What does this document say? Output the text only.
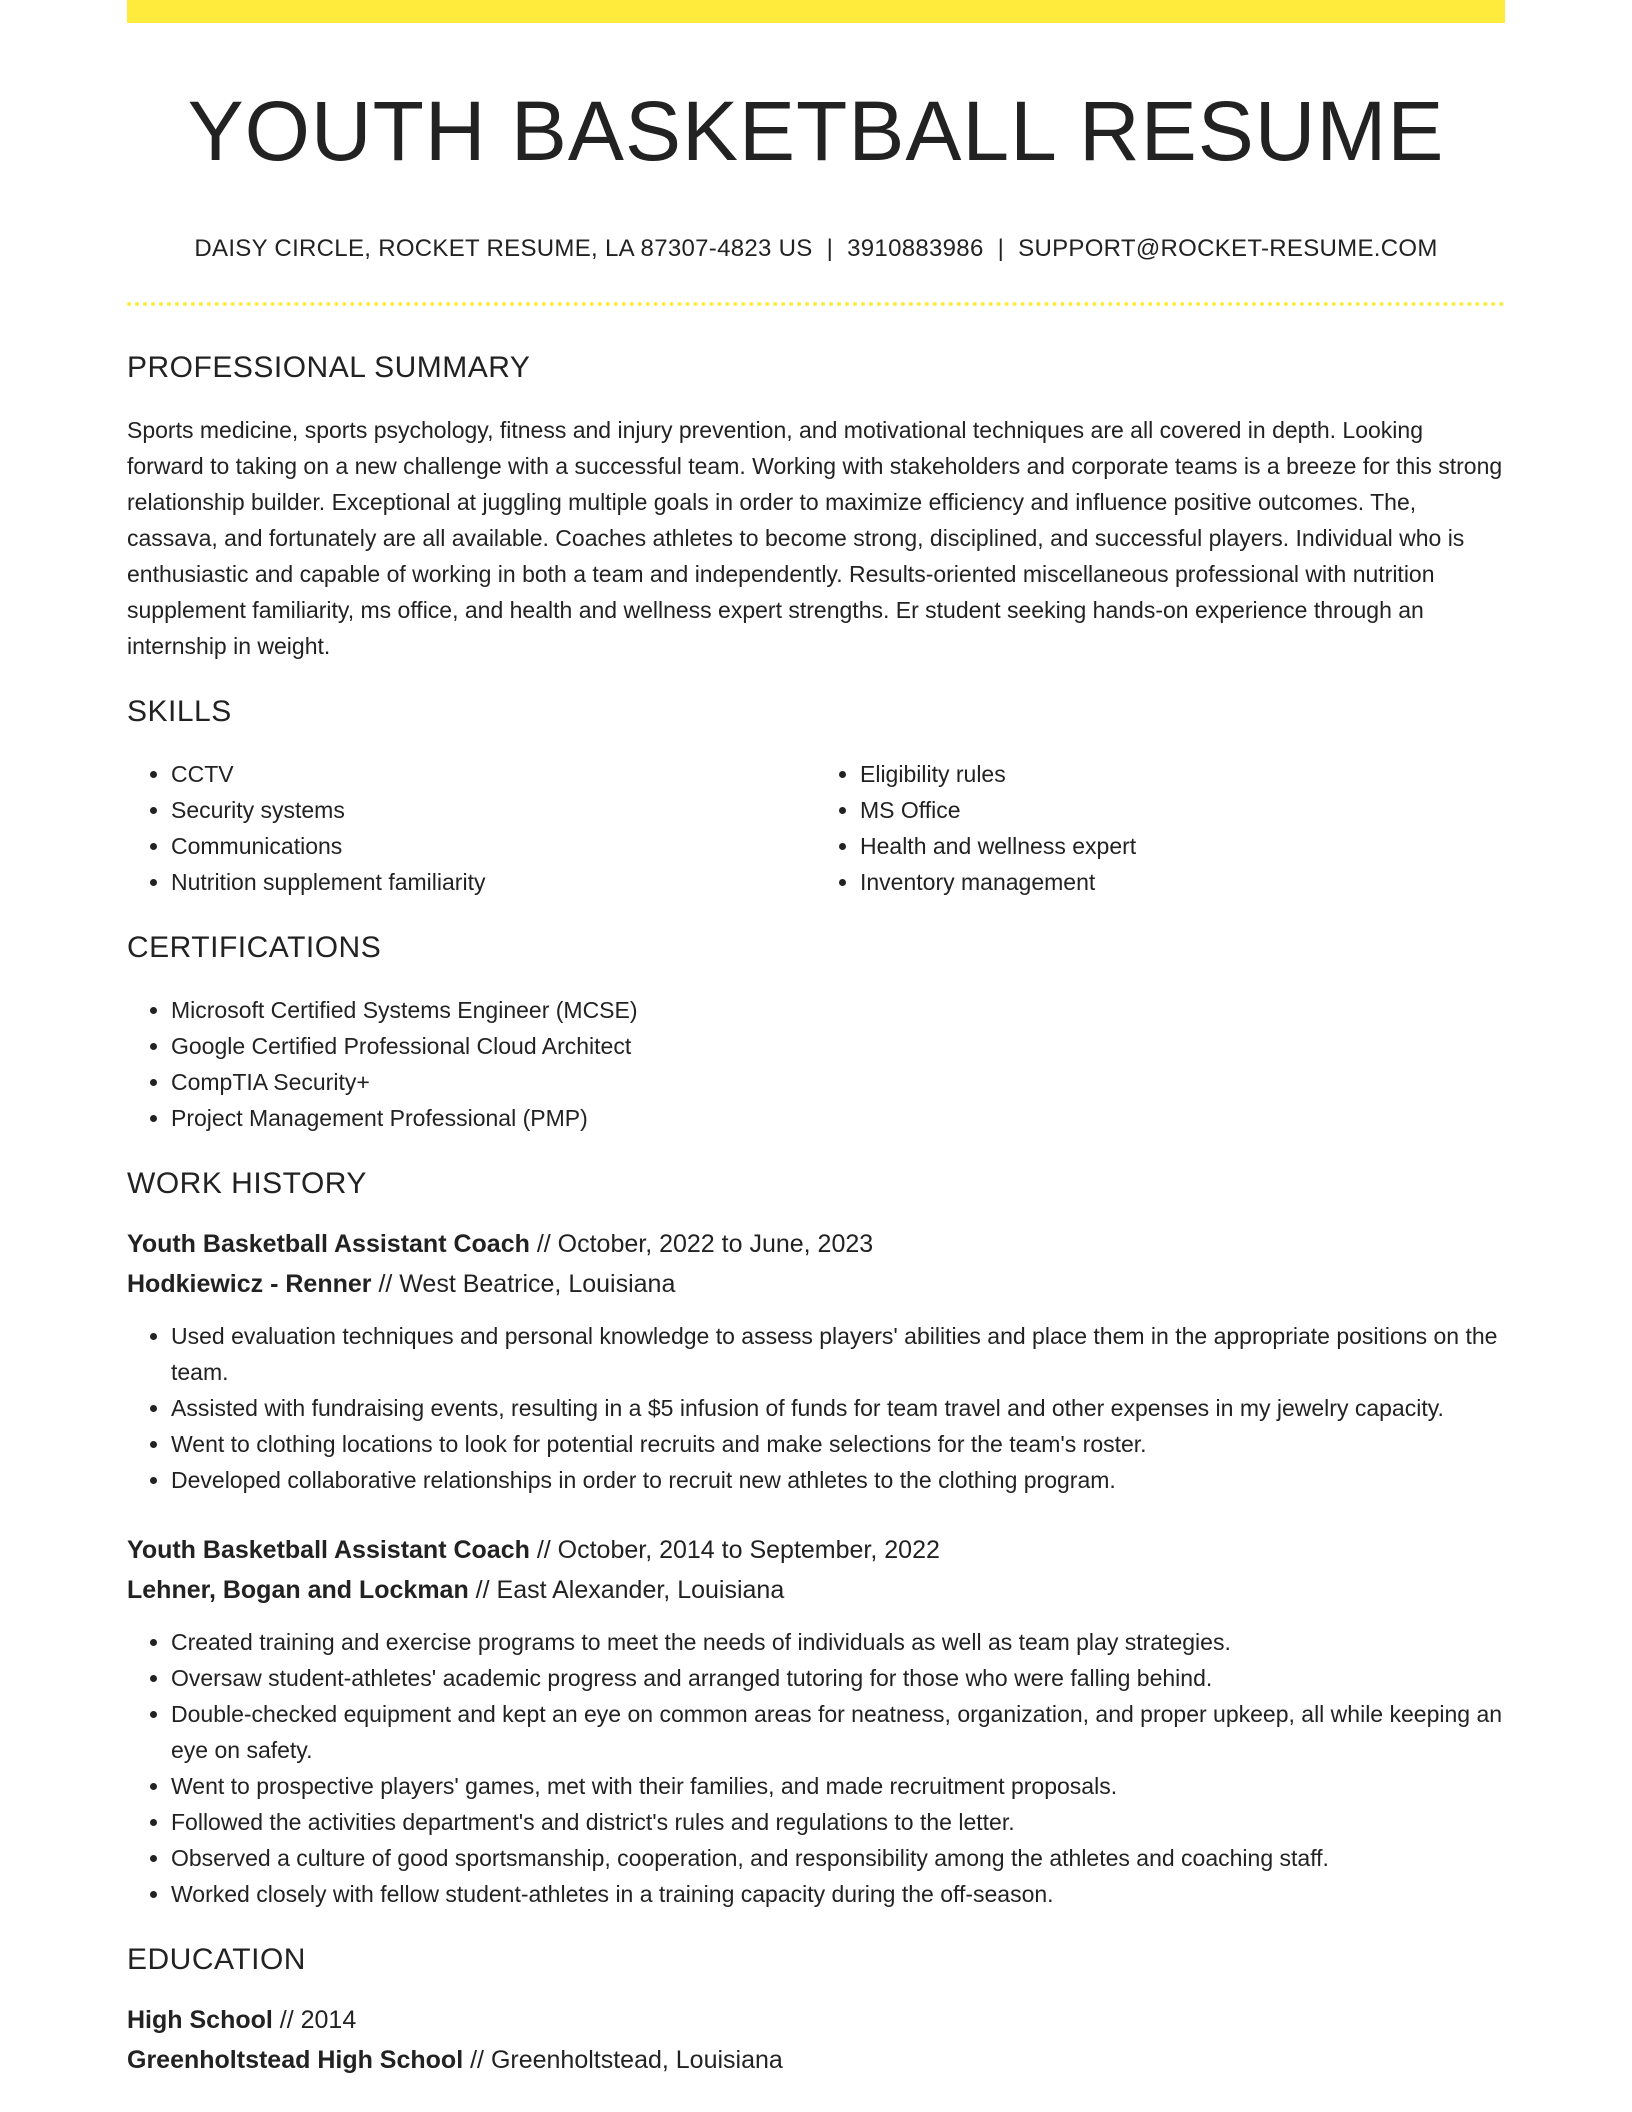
YOUTH BASKETBALL RESUME
DAISY CIRCLE, ROCKET RESUME, LA 87307-4823 US | 3910883986 | SUPPORT@ROCKET-RESUME.COM
PROFESSIONAL SUMMARY

Sports medicine, sports psychology, fitness and injury prevention, and motivational techniques are all covered in depth. Looking forward to taking on a new challenge with a successful team. Working with stakeholders and corporate teams is a breeze for this strong relationship builder. Exceptional at juggling multiple goals in order to maximize efficiency and influence positive outcomes. The, cassava, and fortunately are all available. Coaches athletes to become strong, disciplined, and successful players. Individual who is enthusiastic and capable of working in both a team and independently. Results-oriented miscellaneous professional with nutrition supplement familiarity, ms office, and health and wellness expert strengths. Er student seeking hands-on experience through an internship in weight.

SKILLS
• CCTV
• Security systems
• Communications
• Nutrition supplement familiarity
• Eligibility rules
• MS Office
• Health and wellness expert
• Inventory management
CERTIFICATIONS
• Microsoft Certified Systems Engineer (MCSE)
• Google Certified Professional Cloud Architect
• CompTIA Security+
• Project Management Professional (PMP)
WORK HISTORY
Youth Basketball Assistant Coach // October, 2022 to June, 2023
Hodkiewicz - Renner // West Beatrice, Louisiana
• Used evaluation techniques and personal knowledge to assess players' abilities and place them in the appropriate positions on the team.
• Assisted with fundraising events, resulting in a $5 infusion of funds for team travel and other expenses in my jewelry capacity.
• Went to clothing locations to look for potential recruits and make selections for the team's roster.
• Developed collaborative relationships in order to recruit new athletes to the clothing program.
Youth Basketball Assistant Coach // October, 2014 to September, 2022
Lehner, Bogan and Lockman // East Alexander, Louisiana
• Created training and exercise programs to meet the needs of individuals as well as team play strategies.
• Oversaw student-athletes' academic progress and arranged tutoring for those who were falling behind.
• Double-checked equipment and kept an eye on common areas for neatness, organization, and proper upkeep, all while keeping an eye on safety.
• Went to prospective players' games, met with their families, and made recruitment proposals.
• Followed the activities department's and district's rules and regulations to the letter.
• Observed a culture of good sportsmanship, cooperation, and responsibility among the athletes and coaching staff.
• Worked closely with fellow student-athletes in a training capacity during the off-season.
EDUCATION
High School // 2014
Greenholtstead High School // Greenholtstead, Louisiana
